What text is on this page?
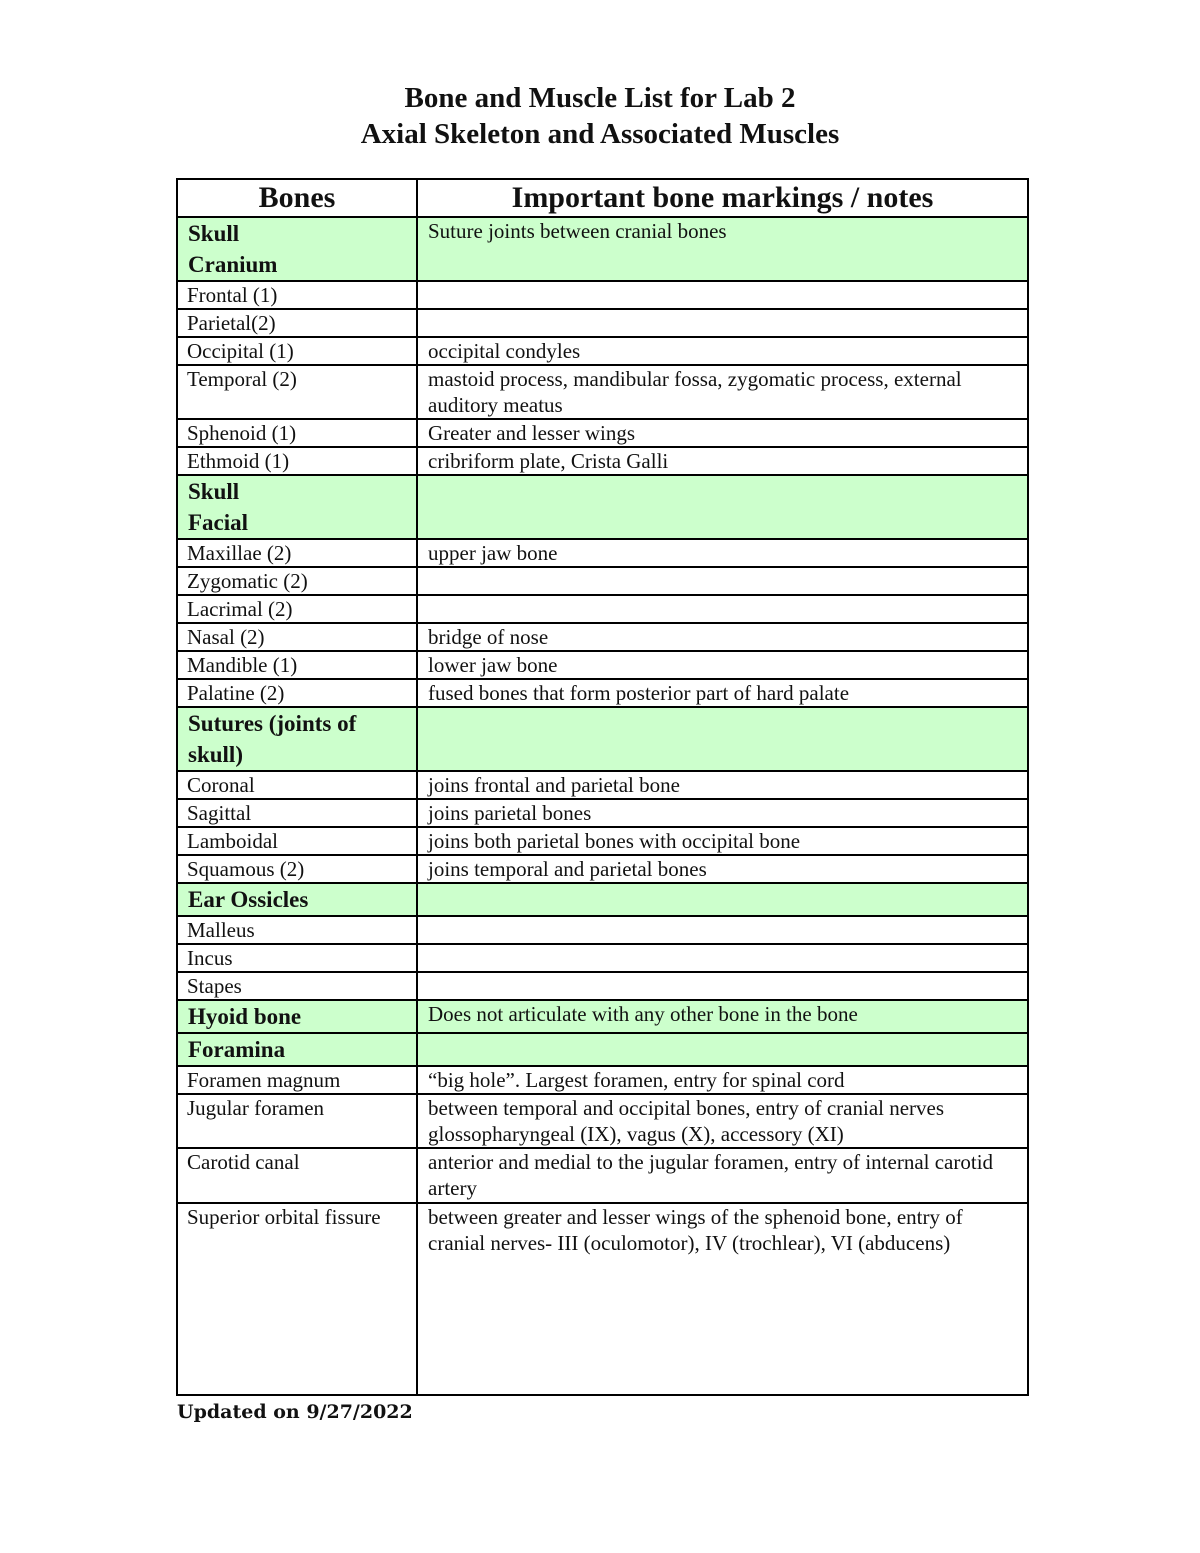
Bone and Muscle List for Lab 2
Axial Skeleton and Associated Muscles
Bones	Important bone markings / notes
Skull
Cranium	Suture joints between cranial bones
Frontal (1)	
Parietal(2)	
Occipital (1)	occipital condyles
Temporal (2)	mastoid process, mandibular fossa, zygomatic process, external auditory meatus
Sphenoid (1)	Greater and lesser wings
Ethmoid (1)	cribriform plate, Crista Galli
Skull
Facial	
Maxillae (2)	upper jaw bone
Zygomatic (2)	
Lacrimal (2)	
Nasal (2)	bridge of nose
Mandible (1)	lower jaw bone
Palatine (2)	fused bones that form posterior part of hard palate
Sutures (joints of skull)	
Coronal	joins frontal and parietal bone
Sagittal	joins parietal bones
Lamboidal	joins both parietal bones with occipital bone
Squamous (2)	joins temporal and parietal bones
Ear Ossicles	
Malleus	
Incus	
Stapes	
Hyoid bone	Does not articulate with any other bone in the bone
Foramina	
Foramen magnum	“big hole”. Largest foramen, entry for spinal cord
Jugular foramen	between temporal and occipital bones, entry of cranial nerves glossopharyngeal (IX), vagus (X), accessory (XI)
Carotid canal	anterior and medial to the jugular foramen, entry of internal carotid artery
Superior orbital fissure	between greater and lesser wings of the sphenoid bone, entry of cranial nerves- III (oculomotor), IV (trochlear), VI (abducens)
Updated on 9/27/2022
